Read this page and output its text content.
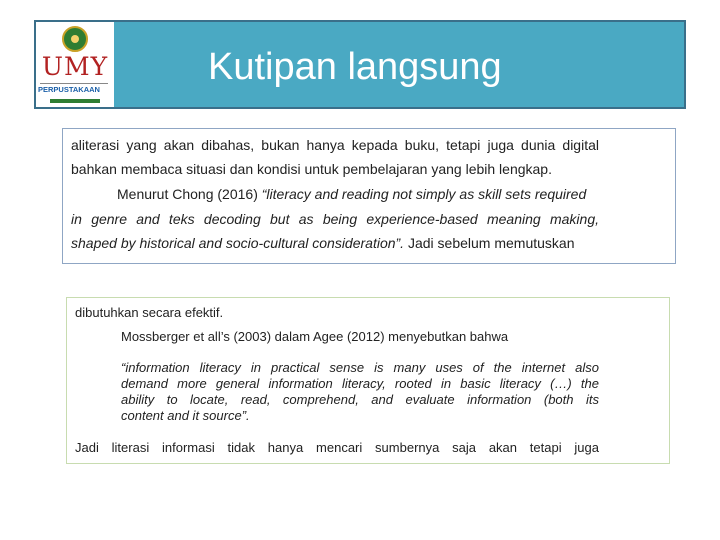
UMY
PERPUSTAKAAN
Kutipan langsung
aliterasi yang akan dibahas, bukan hanya kepada buku, tetapi juga dunia digital
bahkan membaca situasi dan kondisi untuk pembelajaran yang lebih lengkap.
Menurut Chong (2016) “literacy and reading not simply as skill sets required
in genre and teks decoding but as being experience-based meaning making,
shaped by historical and socio-cultural consideration”. Jadi sebelum memutuskan
dibutuhkan secara efektif.
Mossberger et all’s (2003) dalam Agee (2012) menyebutkan bahwa
“information literacy in practical sense is many uses of the internet also
demand more general information literacy, rooted in basic literacy (…) the
ability to locate, read, comprehend, and evaluate information (both its
content and it source”.
Jadi literasi informasi tidak hanya mencari sumbernya saja akan tetapi juga
